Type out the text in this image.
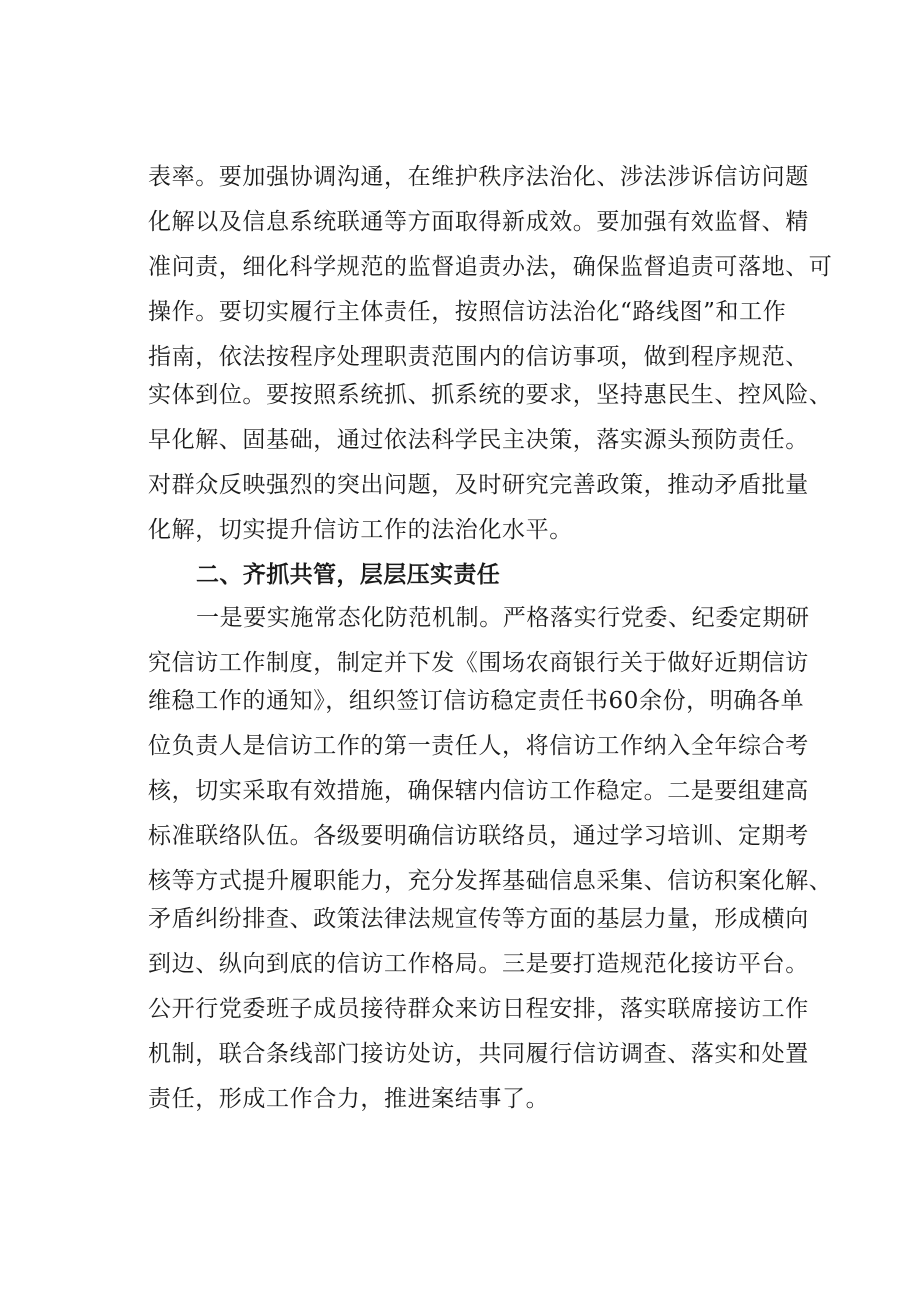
表率。要加强协调沟通，在维护秩序法治化、涉法涉诉信访问题
化解以及信息系统联通等方面取得新成效。要加强有效监督、精
准问责，细化科学规范的监督追责办法，确保监督追责可落地、可
操作。要切实履行主体责任，按照信访法治化“路线图”和工作
指南，依法按程序处理职责范围内的信访事项，做到程序规范、
实体到位。要按照系统抓、抓系统的要求，坚持惠民生、控风险、
早化解、固基础，通过依法科学民主决策，落实源头预防责任。
对群众反映强烈的突出问题，及时研究完善政策，推动矛盾批量
化解，切实提升信访工作的法治化水平。
二、齐抓共管，层层压实责任
一是要实施常态化防范机制。严格落实行党委、纪委定期研
究信访工作制度，制定并下发《围场农商银行关于做好近期信访
维稳工作的通知》，组织签订信访稳定责任书60余份，明确各单
位负责人是信访工作的第一责任人，将信访工作纳入全年综合考
核，切实采取有效措施，确保辖内信访工作稳定。二是要组建高
标准联络队伍。各级要明确信访联络员，通过学习培训、定期考
核等方式提升履职能力，充分发挥基础信息采集、信访积案化解、
矛盾纠纷排查、政策法律法规宣传等方面的基层力量，形成横向
到边、纵向到底的信访工作格局。三是要打造规范化接访平台。
公开行党委班子成员接待群众来访日程安排，落实联席接访工作
机制，联合条线部门接访处访，共同履行信访调查、落实和处置
责任，形成工作合力，推进案结事了。
